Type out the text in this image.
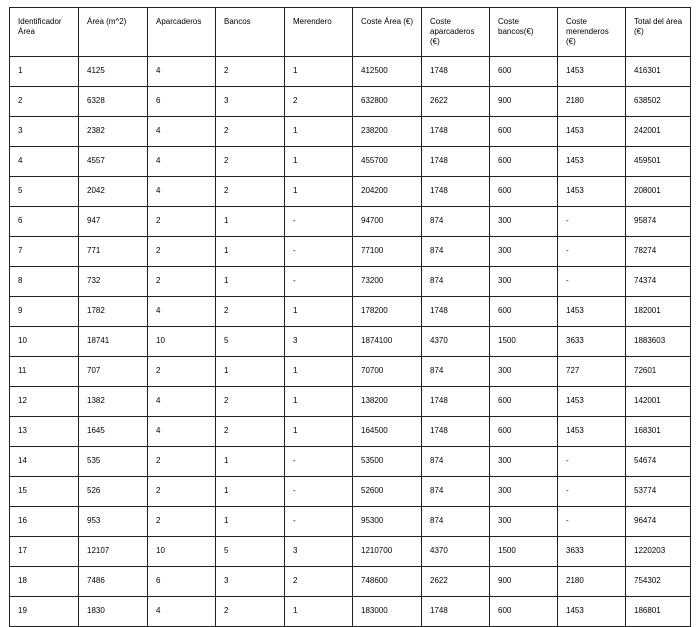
Identificador Área	Área (m^2)	Aparcaderos	Bancos	Merendero	Coste Área (€)	Coste aparcaderos (€)	Coste bancos(€)	Coste merenderos (€)	Total del área (€)
1	4125	4	2	1	412500	1748	600	1453	416301
2	6328	6	3	2	632800	2622	900	2180	638502
3	2382	4	2	1	238200	1748	600	1453	242001
4	4557	4	2	1	455700	1748	600	1453	459501
5	2042	4	2	1	204200	1748	600	1453	208001
6	947	2	1	-	94700	874	300	-	95874
7	771	2	1	-	77100	874	300	-	78274
8	732	2	1	-	73200	874	300	-	74374
9	1782	4	2	1	178200	1748	600	1453	182001
10	18741	10	5	3	1874100	4370	1500	3633	1883603
11	707	2	1	1	70700	874	300	727	72601
12	1382	4	2	1	138200	1748	600	1453	142001
13	1645	4	2	1	164500	1748	600	1453	168301
14	535	2	1	-	53500	874	300	-	54674
15	526	2	1	-	52600	874	300	-	53774
16	953	2	1	-	95300	874	300	-	96474
17	12107	10	5	3	1210700	4370	1500	3633	1220203
18	7486	6	3	2	748600	2622	900	2180	754302
19	1830	4	2	1	183000	1748	600	1453	186801
